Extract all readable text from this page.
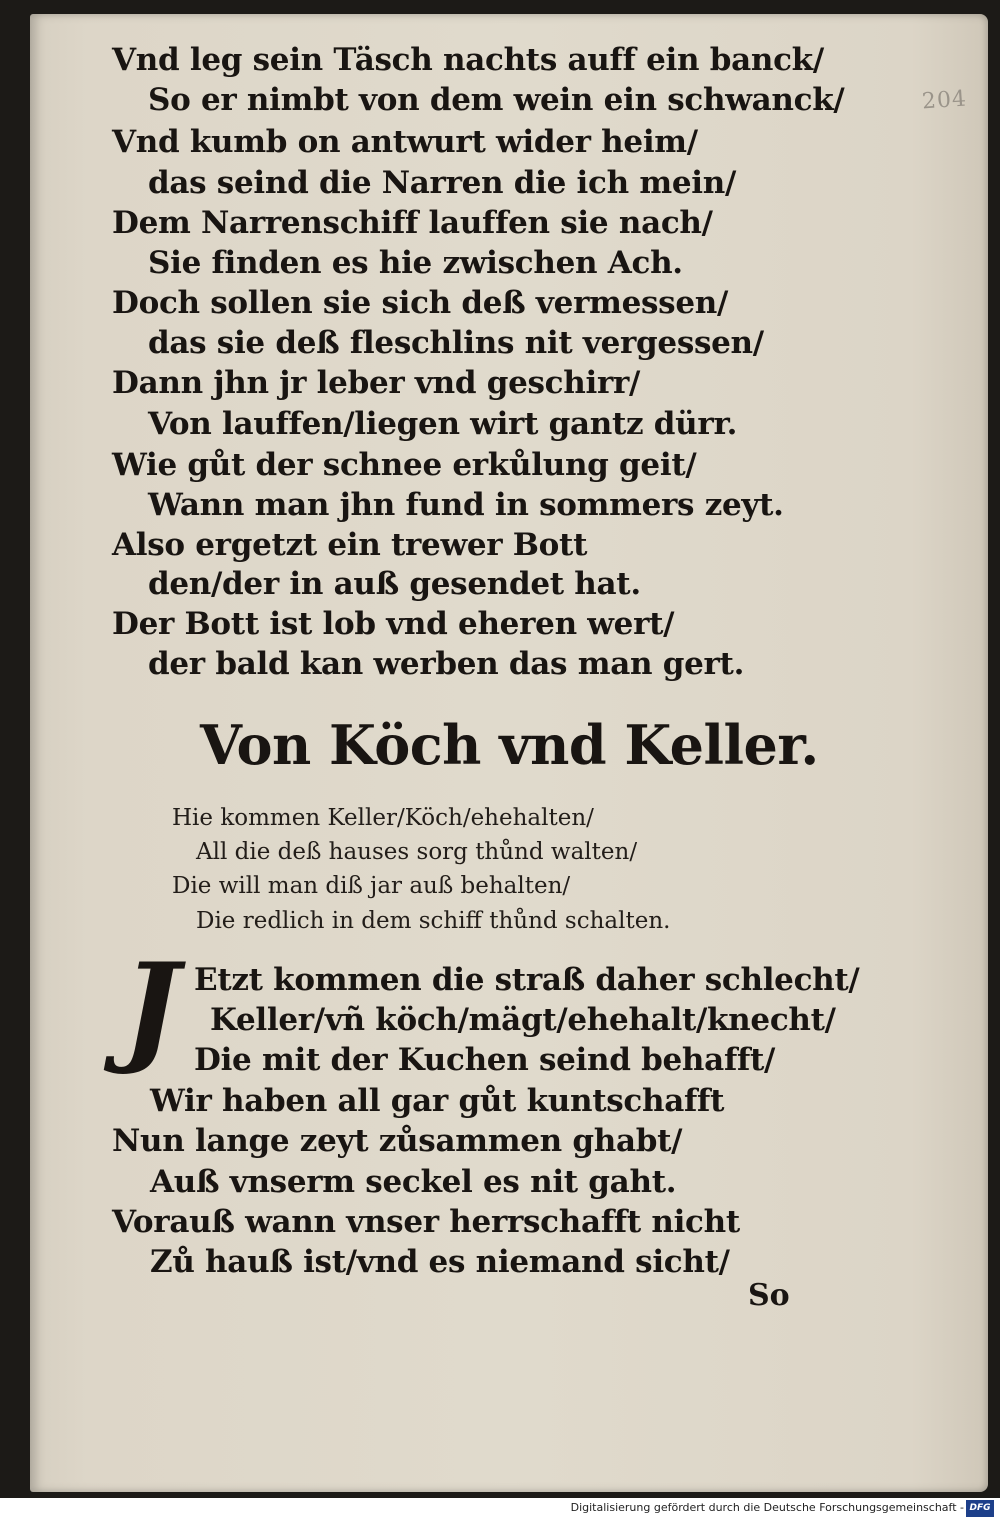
204
Vnd leg sein Täsch nachts auff ein banck/
So er nimbt von dem wein ein schwanck/
Vnd kumb on antwurt wider heim/
das seind die Narren die ich mein/
Dem Narrenschiff lauffen sie nach/
Sie finden es hie zwischen Ach.
Doch sollen sie sich deß vermessen/
das sie deß fleschlins nit vergessen/
Dann jhn jr leber vnd geschirr/
Von lauffen/liegen wirt gantz dürr.
Wie gůt der schnee erkůlung geit/
Wann man jhn fund in sommers zeyt.
Also ergetzt ein trewer Bott
den/der in auß gesendet hat.
Der Bott ist lob vnd eheren wert/
der bald kan werben das man gert.
Von Köch vnd Keller.
Hie kommen Keller/Köch/ehehalten/
All die deß hauses sorg thůnd walten/
Die will man diß jar auß behalten/
Die redlich in dem schiff thůnd schalten.
J Etzt kommen die straß daher schlecht/
Keller/vñ köch/mägt/ehehalt/knecht/
Die mit der Kuchen seind behafft/
Wir haben all gar gůt kuntschafft
Nun lange zeyt zůsammen ghabt/
Auß vnserm seckel es nit gaht.
Vorauß wann vnser herrschafft nicht
Zů hauß ist/vnd es niemand sicht/
So
Digitalisierung gefördert durch die Deutsche Forschungsgemeinschaft - DFG
